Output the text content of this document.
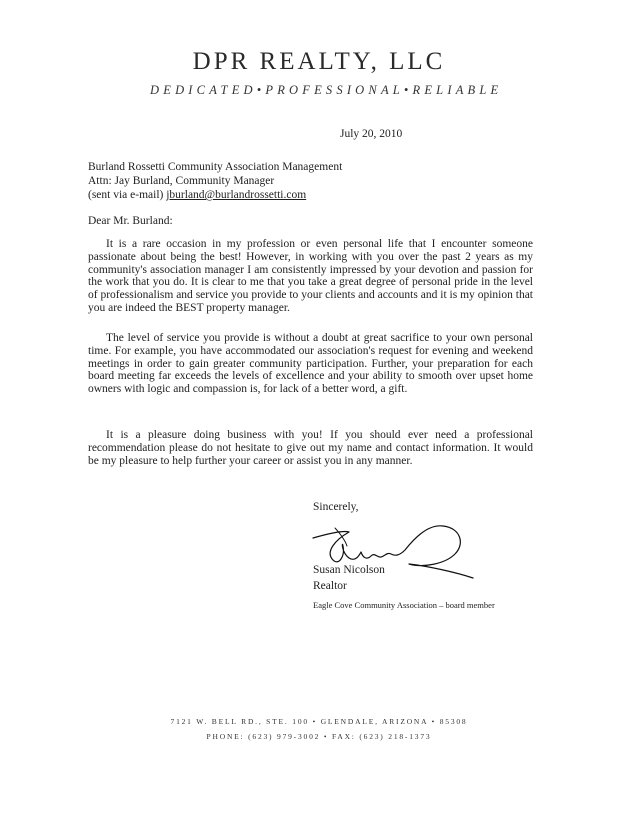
DPR REALTY, LLC
DEDICATED•PROFESSIONAL•RELIABLE
July 20, 2010
Burland Rossetti Community Association Management
Attn: Jay Burland, Community Manager
(sent via e-mail) jburland@burlandrossetti.com
Dear Mr. Burland:

It is a rare occasion in my profession or even personal life that I encounter someone passionate about being the best! However, in working with you over the past 2 years as my community's association manager I am consistently impressed by your devotion and passion for the work that you do. It is clear to me that you take a great degree of personal pride in the level of professionalism and service you provide to your clients and accounts and it is my opinion that you are indeed the BEST property manager.

The level of service you provide is without a doubt at great sacrifice to your own personal time. For example, you have accommodated our association's request for evening and weekend meetings in order to gain greater community participation. Further, your preparation for each board meeting far exceeds the levels of excellence and your ability to smooth over upset home owners with logic and compassion is, for lack of a better word, a gift.

It is a pleasure doing business with you! If you should ever need a professional recommendation please do not hesitate to give out my name and contact information. It would be my pleasure to help further your career or assist you in any manner.

Sincerely,
Susan Nicolson
Realtor
Eagle Cove Community Association – board member
7121 W. BELL RD., STE. 100 • GLENDALE, ARIZONA • 85308
PHONE: (623) 979-3002 • FAX: (623) 218-1373
